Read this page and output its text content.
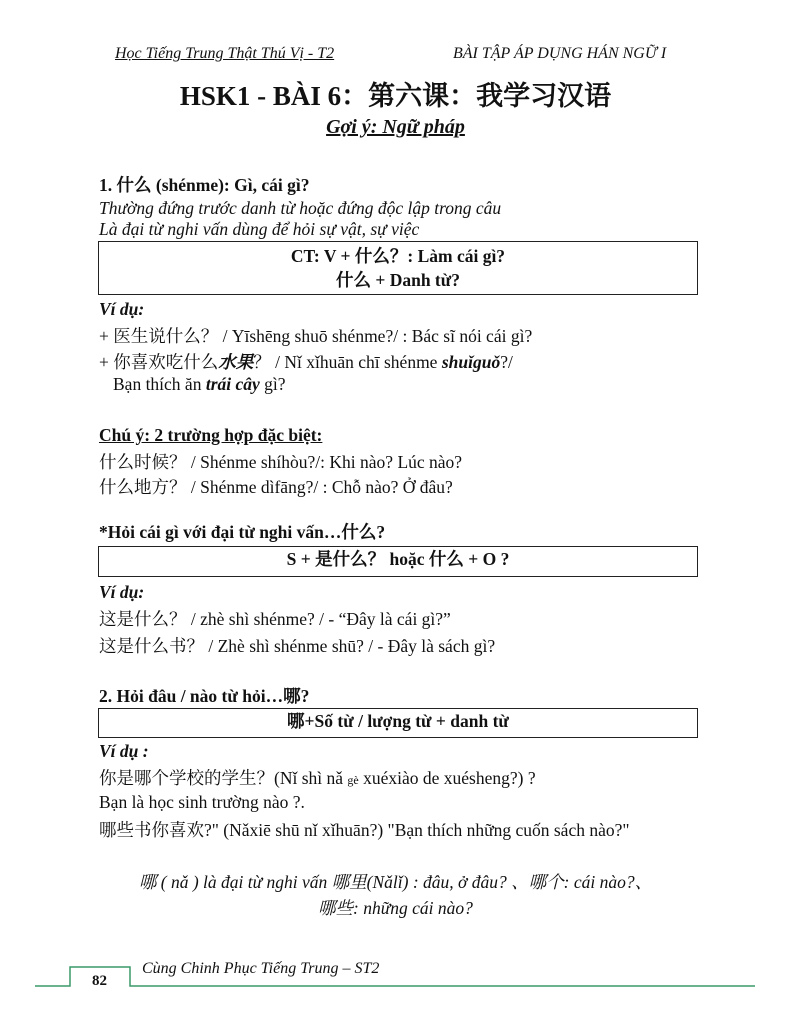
Học Tiếng Trung Thật Thú Vị - T2	BÀI TẬP ÁP DỤNG HÁN NGỮ I
HSK1 - BÀI 6：第六课：我学习汉语
Gợi ý: Ngữ pháp
1. 什么 (shénme): Gì, cái gì?
Thường đứng trước danh từ hoặc đứng độc lập trong câu
Là đại từ nghi vấn dùng để hỏi sự vật, sự việc
CT: V + 什么？: Làm cái gì?
什么 + Danh từ?
Ví dụ:
+ 医生说什么？ / Yīshēng shuō shénme?/ : Bác sĩ nói cái gì?
+ 你喜欢吃什么水果？ / Nǐ xǐhuān chī shénme shuǐguǒ?/
Bạn thích ăn trái cây gì?
Chú ý: 2 trường hợp đặc biệt:
什么时候？ / Shénme shíhòu?/: Khi nào? Lúc nào?
什么地方？ / Shénme dìfāng?/ : Chỗ nào? Ở đâu?
*Hỏi cái gì với đại từ nghi vấn…什么?
S + 是什么？ hoặc 什么 + O ?
Ví dụ:
这是什么？ / zhè shì shénme? / - “Đây là cái gì?”
这是什么书？ / Zhè shì shénme shū? / - Đây là sách gì?
2. Hỏi đâu / nào từ hỏi…哪?
哪+Số từ / lượng từ + danh từ
Ví dụ :
你是哪个学校的学生？(Nǐ shì nǎ gè xuéxiào de xuésheng?) ?
Bạn là học sinh trường nào ?.
哪些书你喜欢?" (Nǎxiē shū nǐ xǐhuān?) "Bạn thích những cuốn sách nào?"
哪 ( nǎ ) là đại từ nghi vấn 哪里(Nǎlǐ) : đâu, ở đâu? 、哪个: cái nào?、
哪些: những cái nào?
Cùng Chinh Phục Tiếng Trung – ST2
82
